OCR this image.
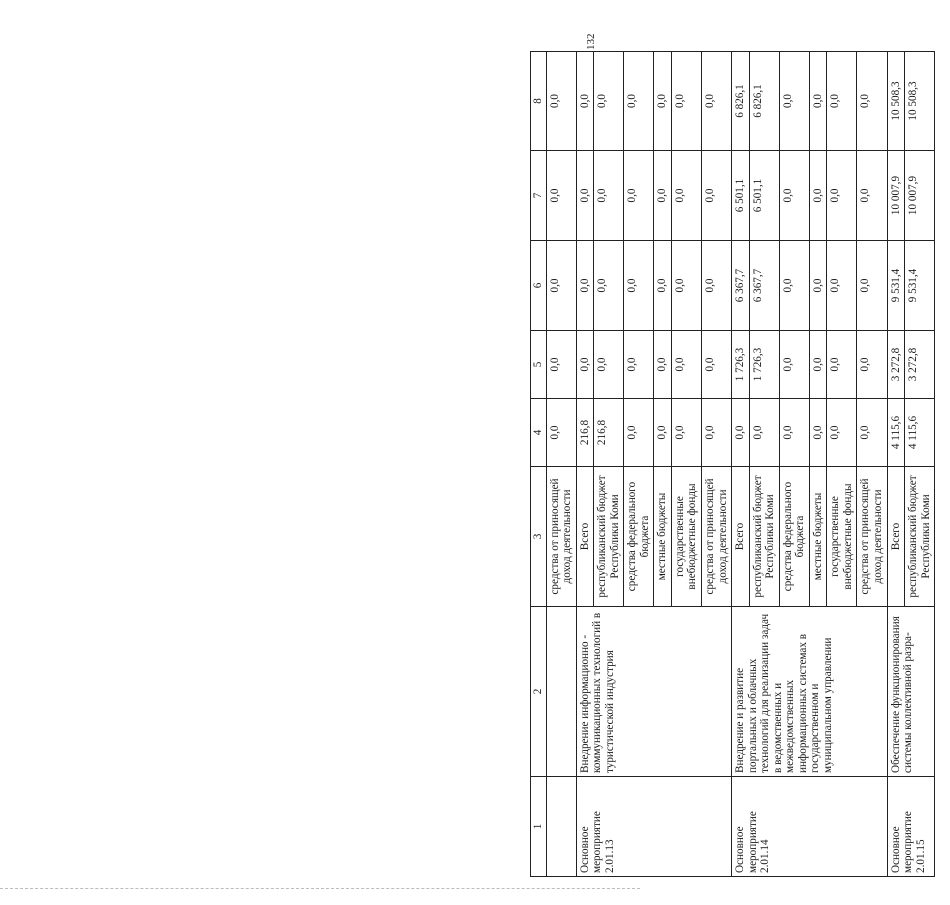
132
1	2	3	4	5	6	7	8
		средства от приносящей доход деятельности	0,0	0,0	0,0	0,0	0,0
Основное мероприятие 2.01.13	Внедрение информационно - коммуникационных технологий в туристической индустрия	Всего	216,8	0,0	0,0	0,0	0,0
		республиканский бюджет Республики Коми	216,8	0,0	0,0	0,0	0,0
		средства федерального бюджета	0,0	0,0	0,0	0,0	0,0
		местные бюджеты	0,0	0,0	0,0	0,0	0,0
		государственные внебюджетные фонды	0,0	0,0	0,0	0,0	0,0
		средства от приносящей доход деятельности	0,0	0,0	0,0	0,0	0,0
Основное мероприятие 2.01.14	Внедрение и развитие портальных и облачных технологий для реализации задач в ведомственных и межведомственных информационных системах в государственном и муниципальном управлении	Всего	0,0	1 726,3	6 367,7	6 501,1	6 826,1
		республиканский бюджет Республики Коми	0,0	1 726,3	6 367,7	6 501,1	6 826,1
		средства федерального бюджета	0,0	0,0	0,0	0,0	0,0
		местные бюджеты	0,0	0,0	0,0	0,0	0,0
		государственные внебюджетные фонды	0,0	0,0	0,0	0,0	0,0
		средства от приносящей доход деятельности	0,0	0,0	0,0	0,0	0,0
Основное мероприятие 2.01.15	Обеспечение функционирования системы коллективной разра-	Всего	4 115,6	3 272,8	9 531,4	10 007,9	10 508,3
		республиканский бюджет Республики Коми	4 115,6	3 272,8	9 531,4	10 007,9	10 508,3
